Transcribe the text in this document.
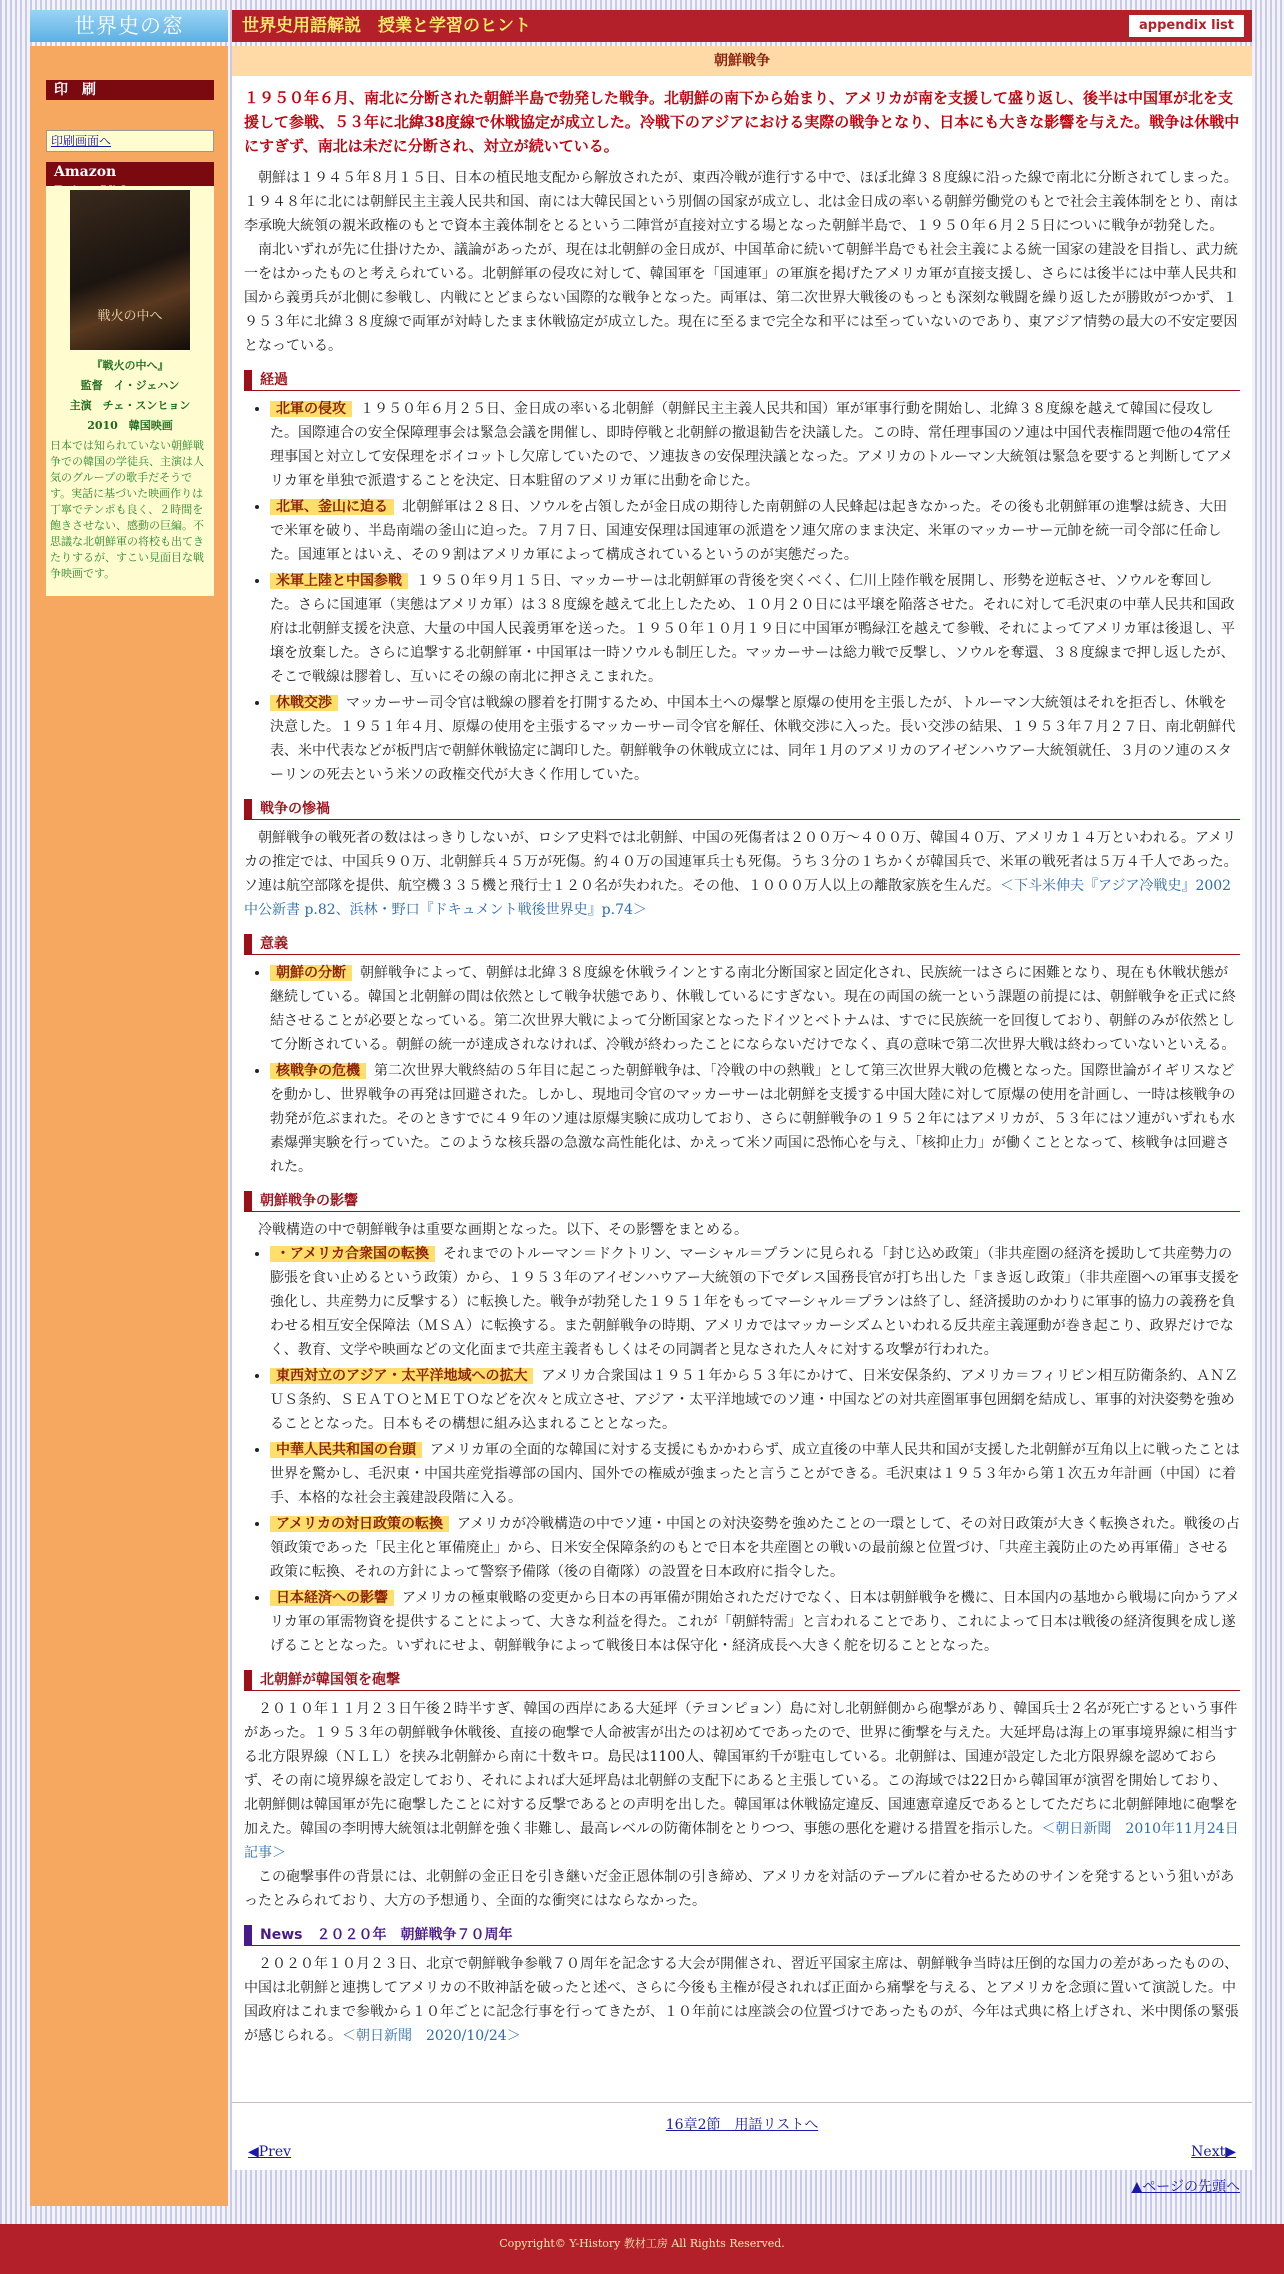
世界史の窓	世界史用語解説　授業と学習のヒント	appendix list
印　刷
印刷画面へ
Amazon
戦火の中へ
『戦火の中へ』
監督　イ・ジェハン
主演　チェ・スンヒョン
2010　韓国映画
日本では知られていない朝鮮戦争での韓国の学徒兵、主演は人気のグループの歌手だそうです。実話に基づいた映画作りは丁寧でテンポも良く、２時間を飽きさせない、感動の巨編。不思議な北朝鮮軍の将校も出てきたりするが、すこい見面目な戦争映画です。
朝鮮戦争
１９５０年６月、南北に分断された朝鮮半島で勃発した戦争。北朝鮮の南下から始まり、アメリカが南を支援して盛り返し、後半は中国軍が北を支援して参戦、５３年に北緯38度線で休戦協定が成立した。冷戦下のアジアにおける実際の戦争となり、日本にも大きな影響を与えた。戦争は休戦中にすぎず、南北は未だに分断され、対立が続いている。

朝鮮は１９４５年８月１５日、日本の植民地支配から解放されたが、東西冷戦が進行する中で、ほぼ北緯３８度線に沿った線で南北に分断されてしまった。１９４８年に北には朝鮮民主主義人民共和国、南には大韓民国という別個の国家が成立し、北は金日成の率いる朝鮮労働党のもとで社会主義体制をとり、南は李承晩大統領の親米政権のもとで資本主義体制をとるという二陣営が直接対立する場となった朝鮮半島で、１９５０年６月２５日についに戦争が勃発した。

南北いずれが先に仕掛けたか、議論があったが、現在は北朝鮮の金日成が、中国革命に続いて朝鮮半島でも社会主義による統一国家の建設を目指し、武力統一をはかったものと考えられている。北朝鮮軍の侵攻に対して、韓国軍を「国連軍」の軍旗を掲げたアメリカ軍が直接支援し、さらには後半には中華人民共和国から義勇兵が北側に参戦し、内戦にとどまらない国際的な戦争となった。両軍は、第二次世界大戦後のもっとも深刻な戦闘を繰り返したが勝敗がつかず、１９５３年に北緯３８度線で両軍が対峙したまま休戦協定が成立した。現在に至るまで完全な和平には至っていないのであり、東アジア情勢の最大の不安定要因となっている。

経過
• 北軍の侵攻 １９５０年６月２５日、金日成の率いる北朝鮮（朝鮮民主主義人民共和国）軍が軍事行動を開始し、北緯３８度線を越えて韓国に侵攻した。国際連合の安全保障理事会は緊急会議を開催し、即時停戦と北朝鮮の撤退勧告を決議した。この時、常任理事国のソ連は中国代表権問題で他の4常任理事国と対立して安保理をボイコットし欠席していたので、ソ連抜きの安保理決議となった。アメリカのトルーマン大統領は緊急を要すると判断してアメリカ軍を単独で派遣することを決定、日本駐留のアメリカ軍に出動を命じた。
• 北軍、釜山に迫る 北朝鮮軍は２８日、ソウルを占領したが金日成の期待した南朝鮮の人民蜂起は起きなかった。その後も北朝鮮軍の進撃は続き、大田で米軍を破り、半島南端の釜山に迫った。７月７日、国連安保理は国連軍の派遣をソ連欠席のまま決定、米軍のマッカーサー元帥を統一司令部に任命した。国連軍とはいえ、その９割はアメリカ軍によって構成されているというのが実態だった。
• 米軍上陸と中国参戦 １９５０年９月１５日、マッカーサーは北朝鮮軍の背後を突くべく、仁川上陸作戦を展開し、形勢を逆転させ、ソウルを奪回した。さらに国連軍（実態はアメリカ軍）は３８度線を越えて北上したため、１０月２０日には平壌を陥落させた。それに対して毛沢東の中華人民共和国政府は北朝鮮支援を決意、大量の中国人民義勇軍を送った。１９５０年１０月１９日に中国軍が鴨緑江を越えて参戦、それによってアメリカ軍は後退し、平壌を放棄した。さらに追撃する北朝鮮軍・中国軍は一時ソウルも制圧した。マッカーサーは総力戦で反撃し、ソウルを奪還、３８度線まで押し返したが、そこで戦線は膠着し、互いにその線の南北に押さえこまれた。
• 休戦交渉 マッカーサー司令官は戦線の膠着を打開するため、中国本土への爆撃と原爆の使用を主張したが、トルーマン大統領はそれを拒否し、休戦を決意した。１９５１年４月、原爆の使用を主張するマッカーサー司令官を解任、休戦交渉に入った。長い交渉の結果、１９５３年７月２７日、南北朝鮮代表、米中代表などが板門店で朝鮮休戦協定に調印した。朝鮮戦争の休戦成立には、同年１月のアメリカのアイゼンハウアー大統領就任、３月のソ連のスターリンの死去という米ソの政権交代が大きく作用していた。
戦争の惨禍

朝鮮戦争の戦死者の数ははっきりしないが、ロシア史料では北朝鮮、中国の死傷者は２００万～４００万、韓国４０万、アメリカ１４万といわれる。アメリカの推定では、中国兵９０万、北朝鮮兵４５万が死傷。約４０万の国連軍兵士も死傷。うち３分の１ちかくが韓国兵で、米軍の戦死者は５万４千人であった。ソ連は航空部隊を提供、航空機３３５機と飛行士１２０名が失われた。その他、１０００万人以上の離散家族を生んだ。＜下斗米伸夫『アジア冷戦史』2002中公新書 p.82、浜林・野口『ドキュメント戦後世界史』p.74＞

意義
• 朝鮮の分断 朝鮮戦争によって、朝鮮は北緯３８度線を休戦ラインとする南北分断国家と固定化され、民族統一はさらに困難となり、現在も休戦状態が継続している。韓国と北朝鮮の間は依然として戦争状態であり、休戦しているにすぎない。現在の両国の統一という課題の前提には、朝鮮戦争を正式に終結させることが必要となっている。第二次世界大戦によって分断国家となったドイツとベトナムは、すでに民族統一を回復しており、朝鮮のみが依然として分断されている。朝鮮の統一が達成されなければ、冷戦が終わったことにならないだけでなく、真の意味で第二次世界大戦は終わっていないといえる。
• 核戦争の危機 第二次世界大戦終結の５年目に起こった朝鮮戦争は、「冷戦の中の熱戦」として第三次世界大戦の危機となった。国際世論がイギリスなどを動かし、世界戦争の再発は回避された。しかし、現地司令官のマッカーサーは北朝鮮を支援する中国大陸に対して原爆の使用を計画し、一時は核戦争の勃発が危ぶまれた。そのときすでに４９年のソ連は原爆実験に成功しており、さらに朝鮮戦争の１９５２年にはアメリカが、５３年にはソ連がいずれも水素爆弾実験を行っていた。このような核兵器の急激な高性能化は、かえって米ソ両国に恐怖心を与え、「核抑止力」が働くこととなって、核戦争は回避された。
朝鮮戦争の影響

冷戦構造の中で朝鮮戦争は重要な画期となった。以下、その影響をまとめる。

• ・アメリカ合衆国の転換 それまでのトルーマン＝ドクトリン、マーシャル＝プランに見られる「封じ込め政策」（非共産圏の経済を援助して共産勢力の膨張を食い止めるという政策）から、１９５３年のアイゼンハウアー大統領の下でダレス国務長官が打ち出した「まき返し政策」（非共産圏への軍事支援を強化し、共産勢力に反撃する）に転換した。戦争が勃発した１９５１年をもってマーシャル＝プランは終了し、経済援助のかわりに軍事的協力の義務を負わせる相互安全保障法（ＭＳＡ）に転換する。また朝鮮戦争の時期、アメリカではマッカーシズムといわれる反共産主義運動が巻き起こり、政界だけでなく、教育、文学や映画などの文化面まで共産主義者もしくはその同調者と見なされた人々に対する攻撃が行われた。
• 東西対立のアジア・太平洋地域への拡大 アメリカ合衆国は１９５１年から５３年にかけて、日米安保条約、アメリカ＝フィリピン相互防衛条約、ＡＮＺＵＳ条約、ＳＥＡＴＯとＭＥＴＯなどを次々と成立させ、アジア・太平洋地域でのソ連・中国などの対共産圏軍事包囲網を結成し、軍事的対決姿勢を強めることとなった。日本もその構想に組み込まれることとなった。
• 中華人民共和国の台頭 アメリカ軍の全面的な韓国に対する支援にもかかわらず、成立直後の中華人民共和国が支援した北朝鮮が互角以上に戦ったことは世界を驚かし、毛沢東・中国共産党指導部の国内、国外での権威が強まったと言うことができる。毛沢東は１９５３年から第１次五カ年計画（中国）に着手、本格的な社会主義建設段階に入る。
• アメリカの対日政策の転換 アメリカが冷戦構造の中でソ連・中国との対決姿勢を強めたことの一環として、その対日政策が大きく転換された。戦後の占領政策であった「民主化と軍備廃止」から、日米安全保障条約のもとで日本を共産圏との戦いの最前線と位置づけ、「共産主義防止のため再軍備」させる政策に転換、それの方針によって警察予備隊（後の自衛隊）の設置を日本政府に指令した。
• 日本経済への影響 アメリカの極東戦略の変更から日本の再軍備が開始されただけでなく、日本は朝鮮戦争を機に、日本国内の基地から戦場に向かうアメリカ軍の軍需物資を提供することによって、大きな利益を得た。これが「朝鮮特需」と言われることであり、これによって日本は戦後の経済復興を成し遂げることとなった。いずれにせよ、朝鮮戦争によって戦後日本は保守化・経済成長へ大きく舵を切ることとなった。
北朝鮮が韓国領を砲撃

２０１０年１１月２３日午後２時半すぎ、韓国の西岸にある大延坪（テヨンピョン）島に対し北朝鮮側から砲撃があり、韓国兵士２名が死亡するという事件があった。１９５３年の朝鮮戦争休戦後、直接の砲撃で人命被害が出たのは初めてであったので、世界に衝撃を与えた。大延坪島は海上の軍事境界線に相当する北方限界線（ＮＬＬ）を挟み北朝鮮から南に十数キロ。島民は1100人、韓国軍約千が駐屯している。北朝鮮は、国連が設定した北方限界線を認めておらず、その南に境界線を設定しており、それによれば大延坪島は北朝鮮の支配下にあると主張している。この海域では22日から韓国軍が演習を開始しており、北朝鮮側は韓国軍が先に砲撃したことに対する反撃であるとの声明を出した。韓国軍は休戦協定違反、国連憲章違反であるとしてただちに北朝鮮陣地に砲撃を加えた。韓国の李明博大統領は北朝鮮を強く非難し、最高レベルの防衛体制をとりつつ、事態の悪化を避ける措置を指示した。＜朝日新聞　2010年11月24日記事＞

この砲撃事件の背景には、北朝鮮の金正日を引き継いだ金正恩体制の引き締め、アメリカを対話のテーブルに着かせるためのサインを発するという狙いがあったとみられており、大方の予想通り、全面的な衝突にはならなかった。

News　２０２０年　朝鮮戦争７０周年

２０２０年１０月２３日、北京で朝鮮戦争参戦７０周年を記念する大会が開催され、習近平国家主席は、朝鮮戦争当時は圧倒的な国力の差があったものの、中国は北朝鮮と連携してアメリカの不敗神話を破ったと述べ、さらに今後も主権が侵されれば正面から痛撃を与える、とアメリカを念頭に置いて演説した。中国政府はこれまで参戦から１０年ごとに記念行事を行ってきたが、１０年前には座談会の位置づけであったものが、今年は式典に格上げされ、米中関係の緊張が感じられる。＜朝日新聞　2020/10/24＞

16章2節　用語リストへ
◀Prev	Next▶
▲ページの先頭へ
Copyright© Y-History 教材工房 All Rights Reserved.
